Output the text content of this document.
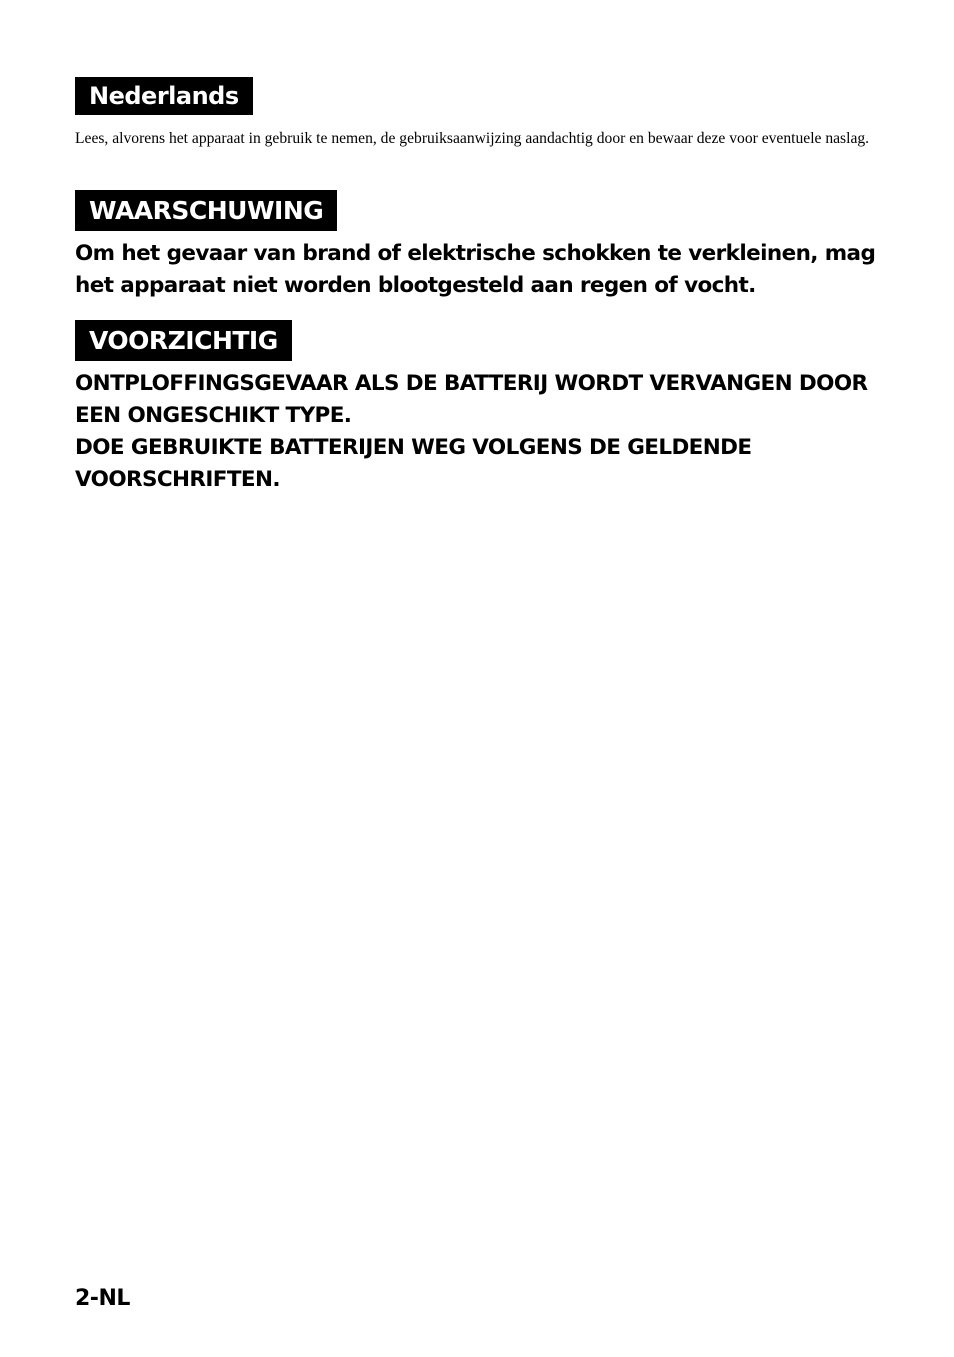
Nederlands

Lees, alvorens het apparaat in gebruik te nemen, de gebruiksaanwijzing aandachtig door en bewaar deze voor eventuele naslag.

WAARSCHUWING

Om het gevaar van brand of elektrische schokken te verkleinen, mag het apparaat niet worden blootgesteld aan regen of vocht.

VOORZICHTIG
ONTPLOFFINGSGEVAAR ALS DE BATTERIJ WORDT VERVANGEN DOOR EEN ONGESCHIKT TYPE.
DOE GEBRUIKTE BATTERIJEN WEG VOLGENS DE GELDENDE VOORSCHRIFTEN.
2-NL
